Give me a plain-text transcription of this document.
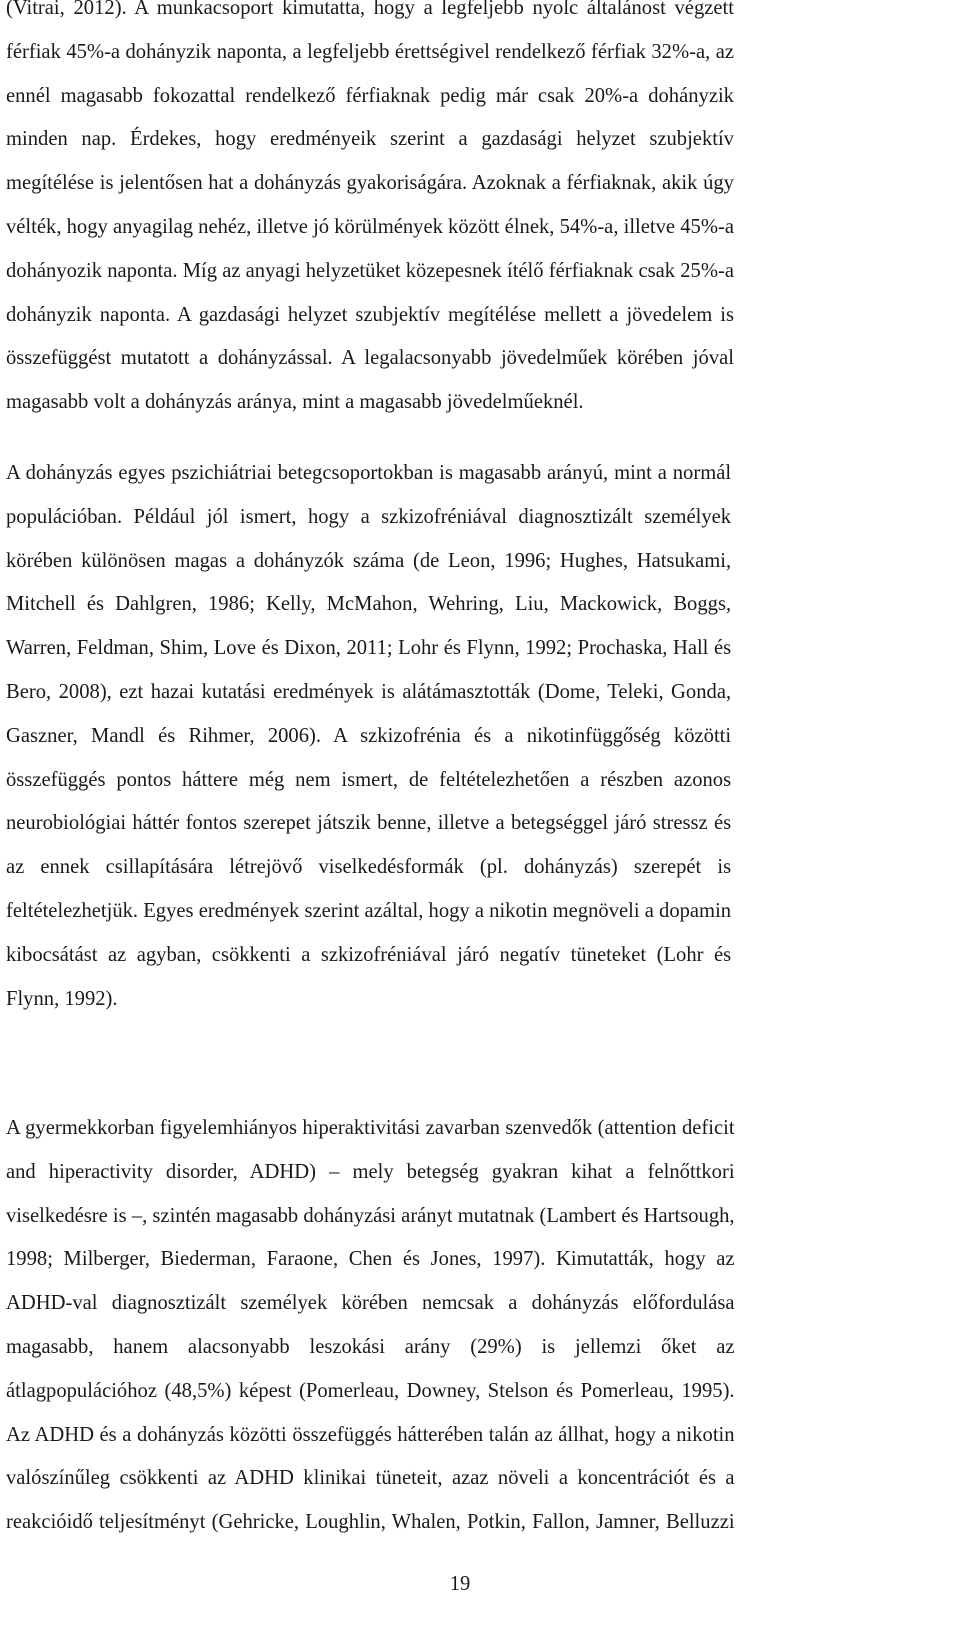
(Vitrai, 2012). A munkacsoport kimutatta, hogy a legfeljebb nyolc általánost végzett
férfiak 45%-a dohányzik naponta, a legfeljebb érettségivel rendelkező férfiak 32%-a, az
ennél magasabb fokozattal rendelkező férfiaknak pedig már csak 20%-a dohányzik
minden nap. Érdekes, hogy eredményeik szerint a gazdasági helyzet szubjektív
megítélése is jelentősen hat a dohányzás gyakoriságára. Azoknak a férfiaknak, akik úgy
vélték, hogy anyagilag nehéz, illetve jó körülmények között élnek, 54%-a, illetve 45%-a
dohányozik naponta. Míg az anyagi helyzetüket közepesnek ítélő férfiaknak csak 25%-a
dohányzik naponta. A gazdasági helyzet szubjektív megítélése mellett a jövedelem is
összefüggést mutatott a dohányzással. A legalacsonyabb jövedelműek körében jóval
magasabb volt a dohányzás aránya, mint a magasabb jövedelműeknél.

A dohányzás egyes pszichiátriai betegcsoportokban is magasabb arányú, mint a normál
populációban. Például jól ismert, hogy a szkizofréniával diagnosztizált személyek
körében különösen magas a dohányzók száma (de Leon, 1996; Hughes, Hatsukami,
Mitchell és Dahlgren, 1986; Kelly, McMahon, Wehring, Liu, Mackowick, Boggs,
Warren, Feldman, Shim, Love és Dixon, 2011; Lohr és Flynn, 1992; Prochaska, Hall és
Bero, 2008), ezt hazai kutatási eredmények is alátámasztották (Dome, Teleki, Gonda,
Gaszner, Mandl és Rihmer, 2006). A szkizofrénia és a nikotinfüggőség közötti
összefüggés pontos háttere még nem ismert, de feltételezhetően a részben azonos
neurobiológiai háttér fontos szerepet játszik benne, illetve a betegséggel járó stressz és
az ennek csillapítására létrejövő viselkedésformák (pl. dohányzás) szerepét is
feltételezhetjük. Egyes eredmények szerint azáltal, hogy a nikotin megnöveli a dopamin
kibocsátást az agyban, csökkenti a szkizofréniával járó negatív tüneteket (Lohr és
Flynn, 1992).

A gyermekkorban figyelemhiányos hiperaktivitási zavarban szenvedők (attention deficit
and hiperactivity disorder, ADHD) – mely betegség gyakran kihat a felnőttkori
viselkedésre is –, szintén magasabb dohányzási arányt mutatnak (Lambert és Hartsough,
1998; Milberger, Biederman, Faraone, Chen és Jones, 1997). Kimutatták, hogy az
ADHD-val diagnosztizált személyek körében nemcsak a dohányzás előfordulása
magasabb, hanem alacsonyabb leszokási arány (29%) is jellemzi őket az
átlagpopulációhoz (48,5%) képest (Pomerleau, Downey, Stelson és Pomerleau, 1995).
Az ADHD és a dohányzás közötti összefüggés hátterében talán az állhat, hogy a nikotin
valószínűleg csökkenti az ADHD klinikai tüneteit, azaz növeli a koncentrációt és a
reakcióidő teljesítményt (Gehricke, Loughlin, Whalen, Potkin, Fallon, Jamner, Belluzzi

19
